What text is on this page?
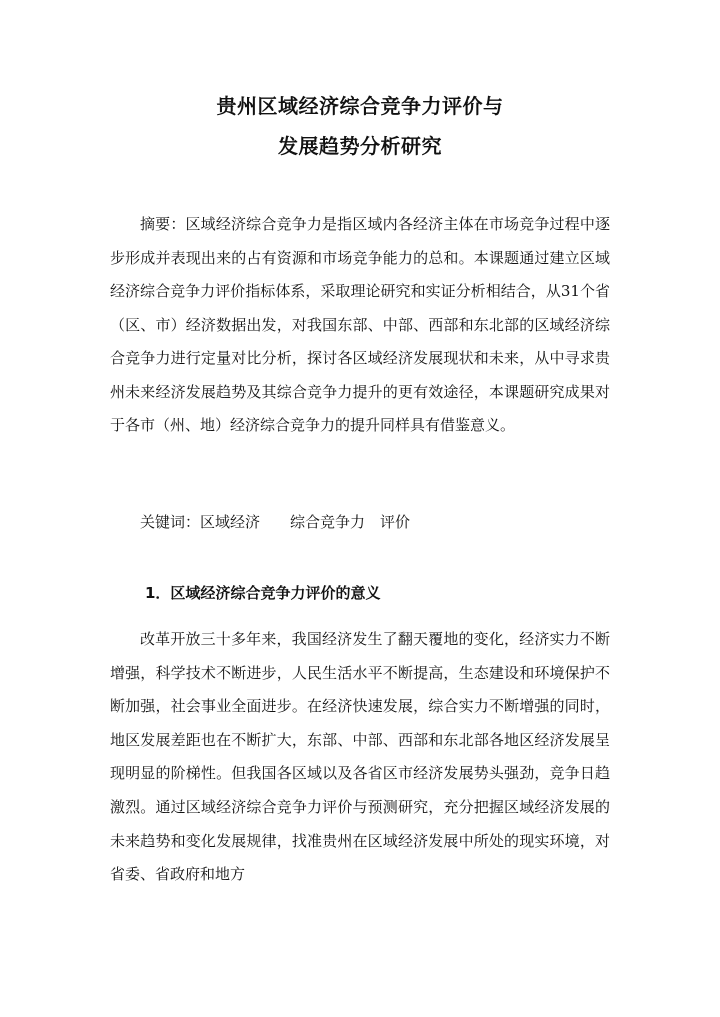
贵州区域经济综合竞争力评价与
发展趋势分析研究
摘要：区域经济综合竞争力是指区域内各经济主体在市场竞争过程中逐步形成并表现出来的占有资源和市场竞争能力的总和。本课题通过建立区域经济综合竞争力评价指标体系，采取理论研究和实证分析相结合，从31个省（区、市）经济数据出发，对我国东部、中部、西部和东北部的区域经济综合竞争力进行定量对比分析，探讨各区域经济发展现状和未来，从中寻求贵州未来经济发展趋势及其综合竞争力提升的更有效途径，本课题研究成果对于各市（州、地）经济综合竞争力的提升同样具有借鉴意义。
关键词：区域经济　　综合竞争力　评价
1．区域经济综合竞争力评价的意义
改革开放三十多年来，我国经济发生了翻天覆地的变化，经济实力不断增强，科学技术不断进步，人民生活水平不断提高，生态建设和环境保护不断加强，社会事业全面进步。在经济快速发展，综合实力不断增强的同时，地区发展差距也在不断扩大，东部、中部、西部和东北部各地区经济发展呈现明显的阶梯性。但我国各区域以及各省区市经济发展势头强劲，竞争日趋激烈。通过区域经济综合竞争力评价与预测研究，充分把握区域经济发展的未来趋势和变化发展规律，找准贵州在区域经济发展中所处的现实环境，对省委、省政府和地方
